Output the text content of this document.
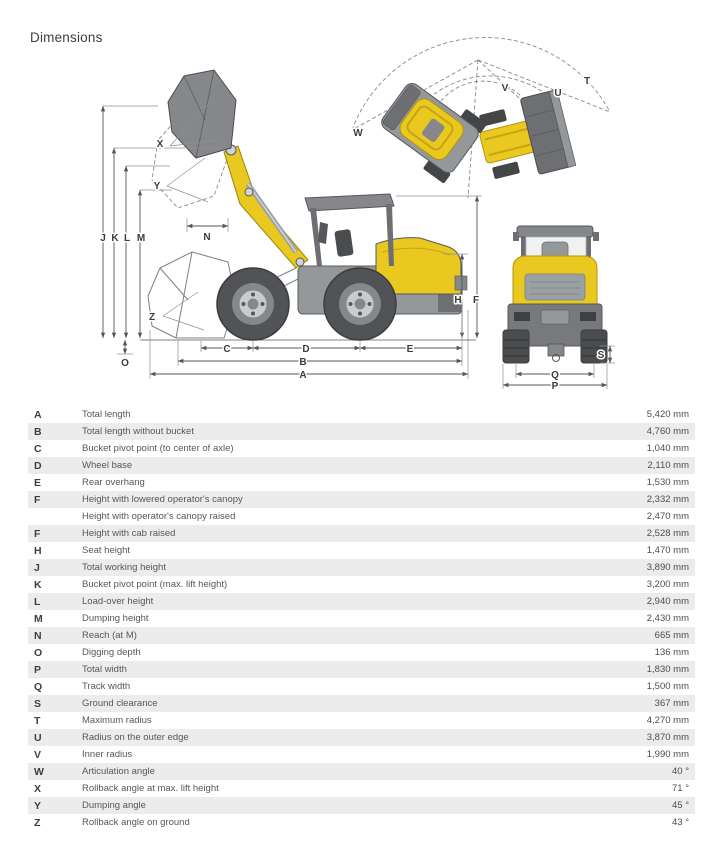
Dimensions
J K L M	N
X
Y
Z
O
H F
C	D	E
B
A
W
V	U
T
S
Q
P
A	Total length	5,420 mm
B	Total length without bucket	4,760 mm
C	Bucket pivot point (to center of axle)	1,040 mm
D	Wheel base	2,110 mm
E	Rear overhang	1,530 mm
F	Height with lowered operator's canopy	2,332 mm
Height with operator's canopy raised	2,470 mm
F	Height with cab raised	2,528 mm
H	Seat height	1,470 mm
J	Total working height	3,890 mm
K	Bucket pivot point (max. lift height)	3,200 mm
L	Load-over height	2,940 mm
M	Dumping height	2,430 mm
N	Reach (at M)	665 mm
O	Digging depth	136 mm
P	Total width	1,830 mm
Q	Track width	1,500 mm
S	Ground clearance	367 mm
T	Maximum radius	4,270 mm
U	Radius on the outer edge	3,870 mm
V	Inner radius	1,990 mm
W	Articulation angle	40 °
X	Rollback angle at max. lift height	71 °
Y	Dumping angle	45 °
Z	Rollback angle on ground	43 °
